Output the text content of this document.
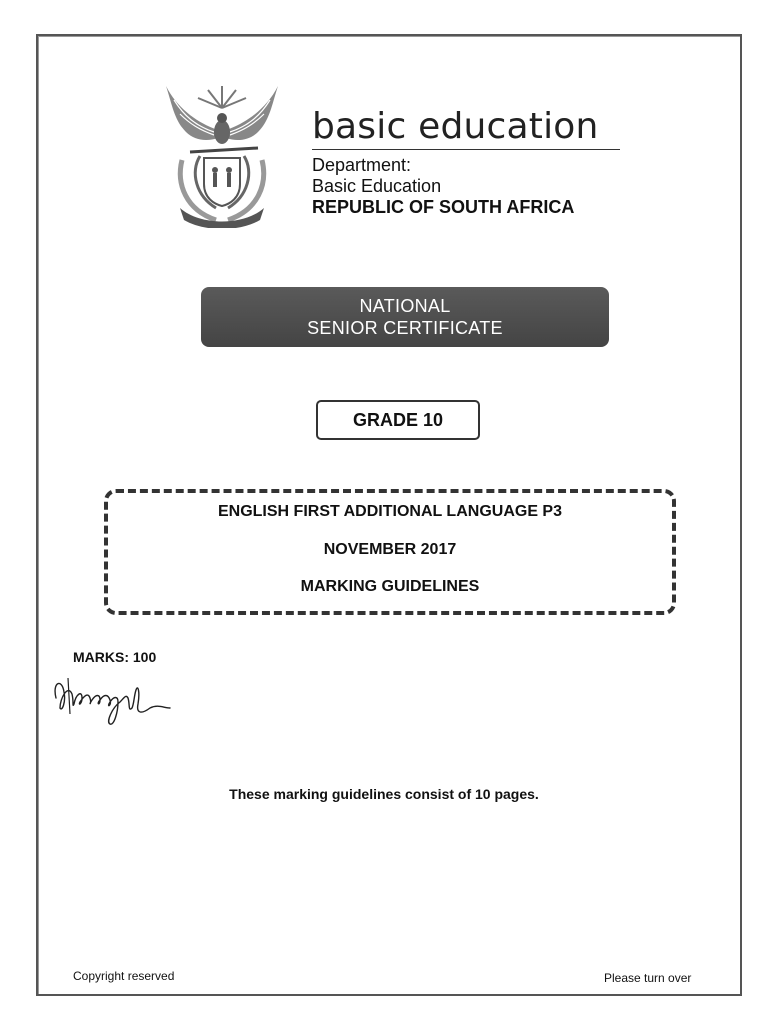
basic education
Department:
Basic Education
REPUBLIC OF SOUTH AFRICA
NATIONAL
SENIOR CERTIFICATE
GRADE 10
ENGLISH FIRST ADDITIONAL LANGUAGE P3
NOVEMBER 2017
MARKING GUIDELINES
MARKS: 100
These marking guidelines consist of 10 pages.
Copyright reserved	Please turn over
